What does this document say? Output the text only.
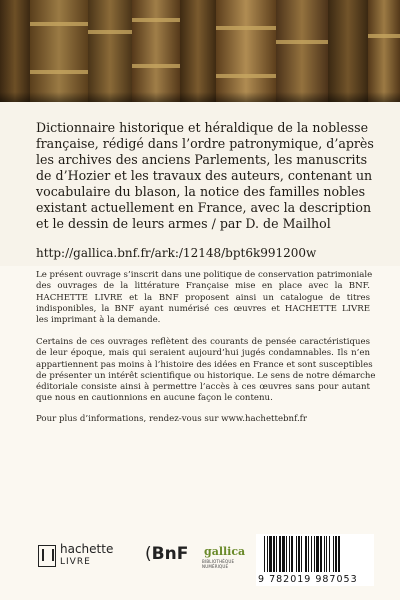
Dictionnaire historique et héraldique de la noblesse
française, rédigé dans l’ordre patronymique, d’après
les archives des anciens Parlements, les manuscrits
de d’Hozier et les travaux des auteurs, contenant un
vocabulaire du blason, la notice des familles nobles
existant actuellement en France, avec la description
et le dessin de leurs armes / par D. de Mailhol
http://gallica.bnf.fr/ark:/12148/bpt6k991200w
Le présent ouvrage s’inscrit dans une politique de conservation patrimoniale
des ouvrages de la littérature Française mise en place avec la BNF.
HACHETTE LIVRE et la BNF proposent ainsi un catalogue de titres
indisponibles, la BNF ayant numérisé ces œuvres et HACHETTE LIVRE
les imprimant à la demande.
Certains de ces ouvrages reflètent des courants de pensée caractéristiques
de leur époque, mais qui seraient aujourd’hui jugés condamnables. Ils n’en
appartiennent pas moins à l’histoire des idées en France et sont susceptibles
de présenter un intérêt scientifique ou historique. Le sens de notre démarche
éditoriale consiste ainsi à permettre l’accès à ces œuvres sans pour autant
que nous en cautionnions en aucune façon le contenu.
Pour plus d’informations, rendez-vous sur www.hachettebnf.fr
hachette
LIVRE	(BnF gallica
BIBLIOTHÈQUE NUMÉRIQUE
9 782019 987053
